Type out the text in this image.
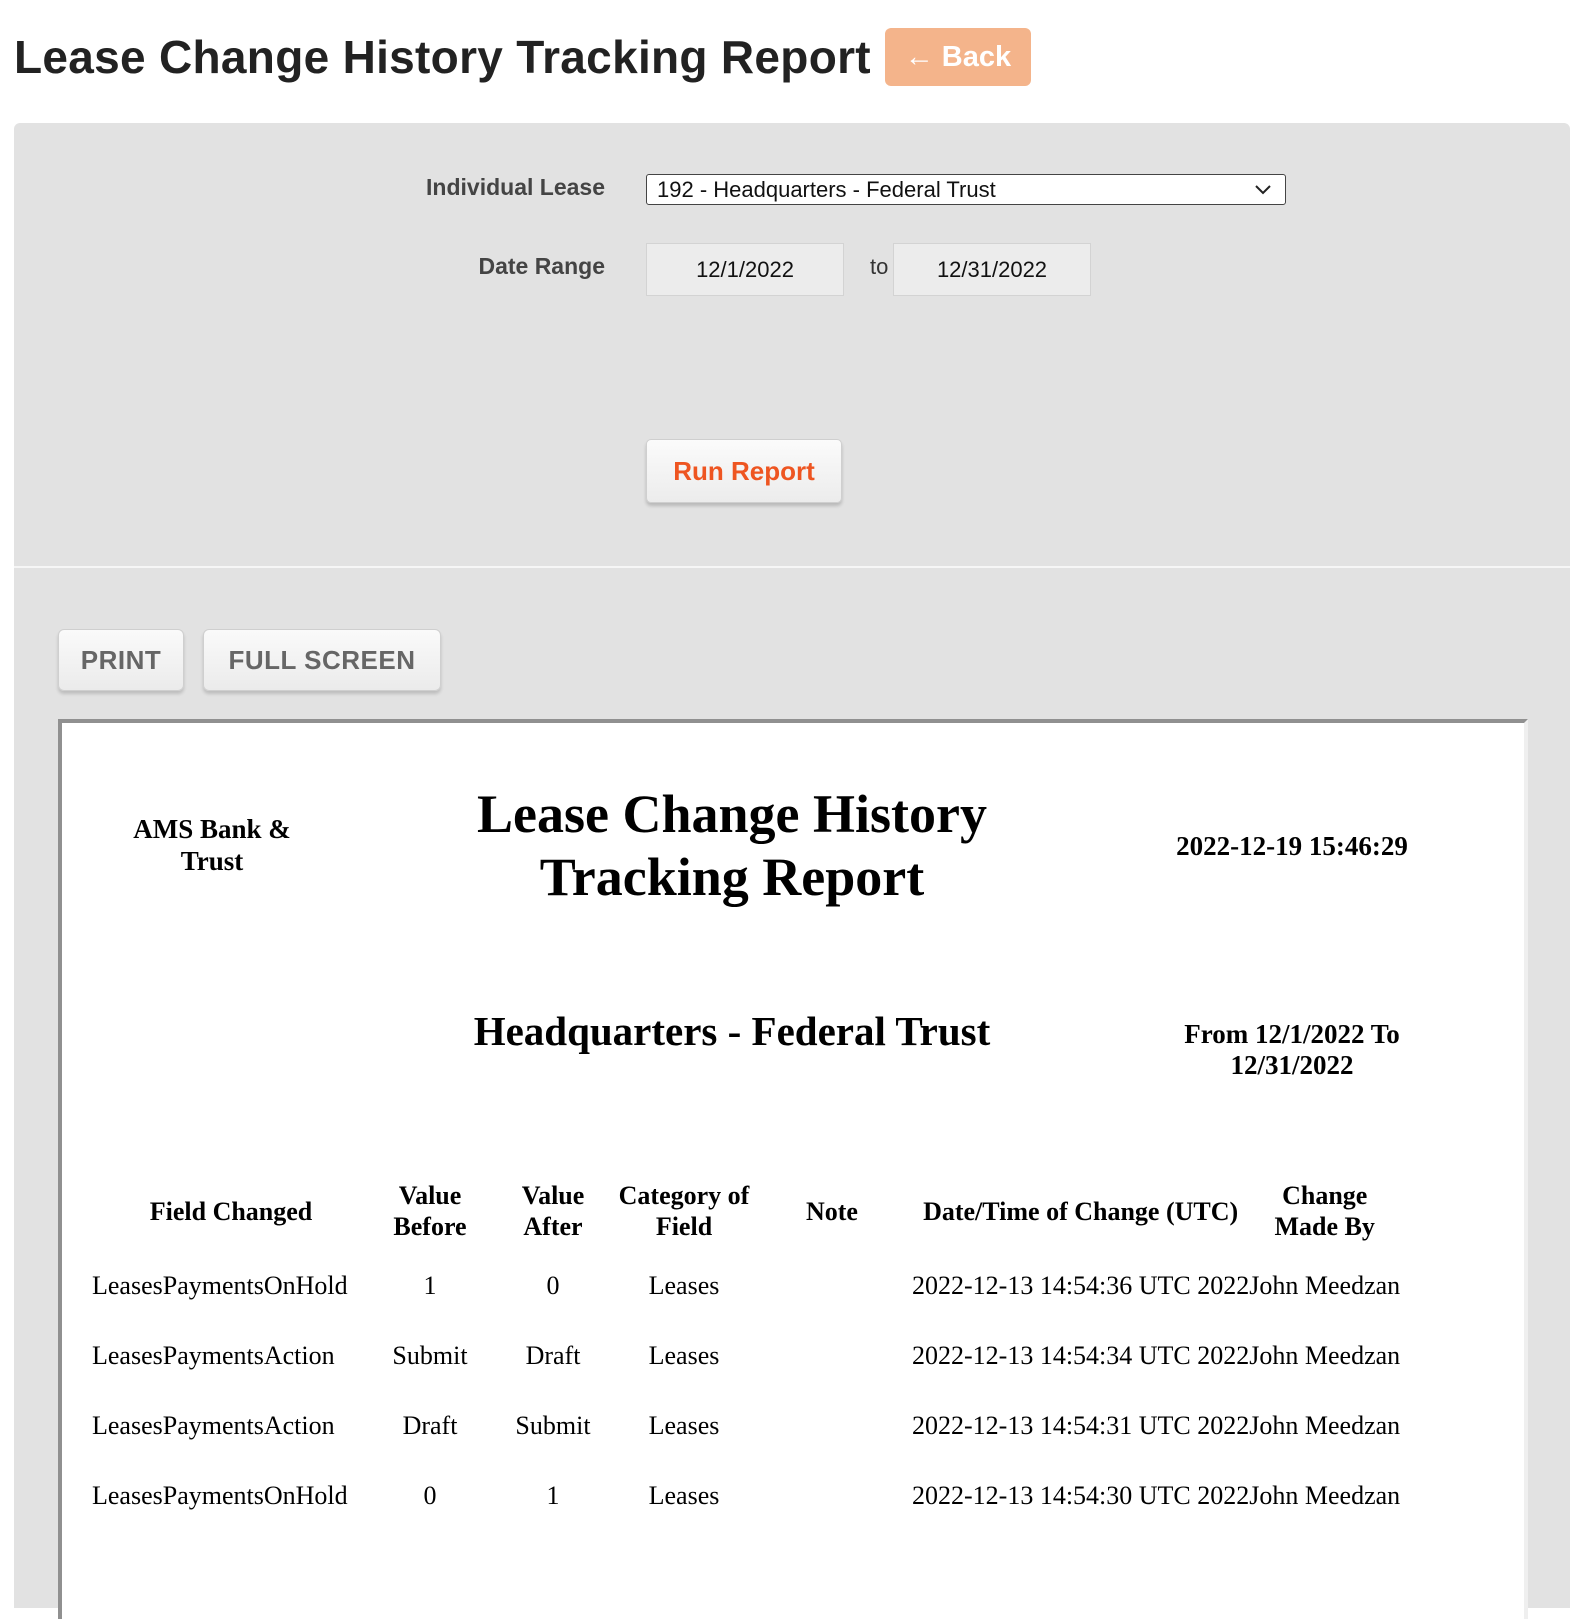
Lease Change History Tracking Report	← Back
Individual Lease 192 - Headquarters - Federal Trust
Date Range	12/1/2022	to	12/31/2022
Run Report
PRINT	FULL SCREEN
AMS Bank & Trust
Lease Change History Tracking Report
2022-12-19 15:46:29
Headquarters - Federal Trust	From 12/1/2022 To 12/31/2022
Field Changed	Value Before	Value After	Category of Field	Note	Date/Time of Change (UTC)	Change Made By
LeasesPaymentsOnHold	1	0	Leases		2022-12-13 14:54:36 UTC 2022	John Meedzan
LeasesPaymentsAction	Submit	Draft	Leases		2022-12-13 14:54:34 UTC 2022	John Meedzan
LeasesPaymentsAction	Draft	Submit	Leases		2022-12-13 14:54:31 UTC 2022	John Meedzan
LeasesPaymentsOnHold	0	1	Leases		2022-12-13 14:54:30 UTC 2022	John Meedzan
